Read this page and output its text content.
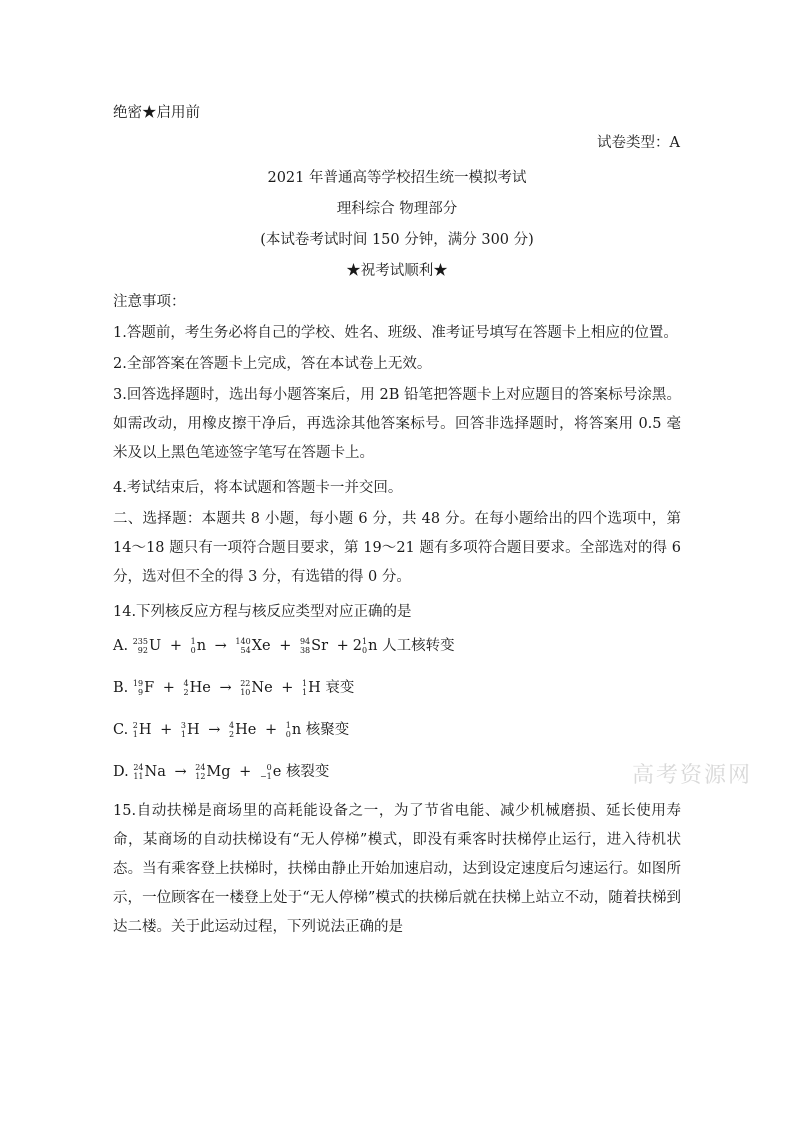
绝密★启用前
试卷类型：A
2021 年普通高等学校招生统一模拟考试
理科综合 物理部分
(本试卷考试时间 150 分钟，满分 300 分)
★祝考试顺利★
注意事项：
1.答题前，考生务必将自己的学校、姓名、班级、准考证号填写在答题卡上相应的位置。
2.全部答案在答题卡上完成，答在本试卷上无效。
3.回答选择题时，选出每小题答案后，用 2B 铅笔把答题卡上对应题目的答案标号涂黑。如需改动，用橡皮擦干净后，再选涂其他答案标号。回答非选择题时，将答案用 0.5 毫米及以上黑色笔迹签字笔写在答题卡上。
4.考试结束后，将本试题和答题卡一并交回。
二、选择题：本题共 8 小题，每小题 6 分，共 48 分。在每小题给出的四个选项中，第 14～18 题只有一项符合题目要求，第 19～21 题有多项符合题目要求。全部选对的得 6 分，选对但不全的得 3 分，有选错的得 0 分。
14.下列核反应方程与核反应类型对应正确的是
A. 235
92 U + 1
0 n → 140
54 Xe + 94
38 Sr + 2 1
0 n 人工核转变
B. 19
9 F + 4
2 He → 22
10 Ne + 1
1 H 衰变
C. 2
1 H + 3
1 H → 4
2 He + 1
0 n 核聚变
D. 24
11 Na → 24
12 Mg +	0
−1 e 核裂变	高考资源网
15.自动扶梯是商场里的高耗能设备之一，为了节省电能、减少机械磨损、延长使用寿命，某商场的自动扶梯设有“无人停梯”模式，即没有乘客时扶梯停止运行，进入待机状态。当有乘客登上扶梯时，扶梯由静止开始加速启动，达到设定速度后匀速运行。如图所示，一位顾客在一楼登上处于“无人停梯”模式的扶梯后就在扶梯上站立不动，随着扶梯到达二楼。关于此运动过程，下列说法正确的是
